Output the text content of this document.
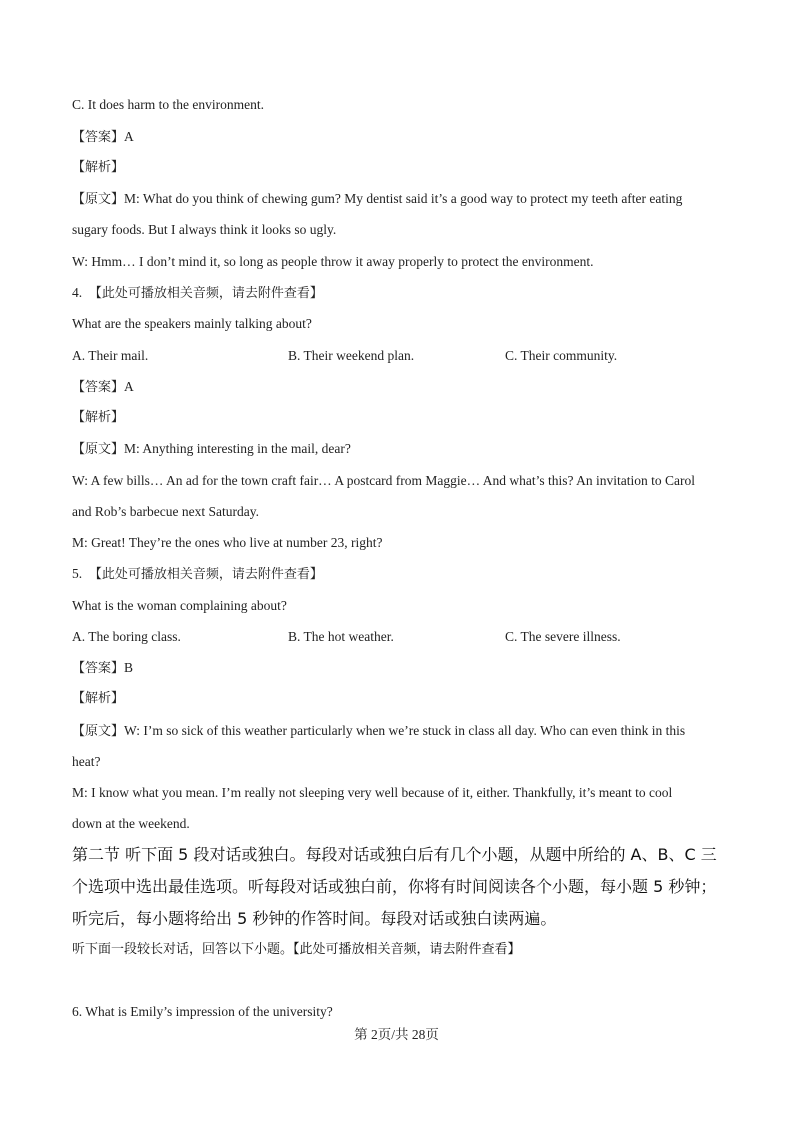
C. It does harm to the environment.
【答案】A
【解析】
【原文】M: What do you think of chewing gum? My dentist said it’s a good way to protect my teeth after eating
sugary foods. But I always think it looks so ugly.
W: Hmm… I don’t mind it, so long as people throw it away properly to protect the environment.
4. 【此处可播放相关音频，请去附件查看】
What are the speakers mainly talking about?
A. Their mail.	B. Their weekend plan.	C. Their community.
【答案】A
【解析】
【原文】M: Anything interesting in the mail, dear?
W: A few bills… An ad for the town craft fair… A postcard from Maggie… And what’s this? An invitation to Carol
and Rob’s barbecue next Saturday.
M: Great! They’re the ones who live at number 23, right?
5. 【此处可播放相关音频，请去附件查看】
What is the woman complaining about?
A. The boring class.	B. The hot weather.	C. The severe illness.
【答案】B
【解析】
【原文】W: I’m so sick of this weather particularly when we’re stuck in class all day. Who can even think in this
heat?
M: I know what you mean. I’m really not sleeping very well because of it, either. Thankfully, it’s meant to cool
down at the weekend.
第二节 听下面 5 段对话或独白。每段对话或独白后有几个小题，从题中所给的 A、B、C 三
个选项中选出最佳选项。听每段对话或独白前，你将有时间阅读各个小题，每小题 5 秒钟；
听完后，每小题将给出 5 秒钟的作答时间。每段对话或独白读两遍。
听下面一段较长对话，回答以下小题。【此处可播放相关音频，请去附件查看】
6. What is Emily’s impression of the university?
第 2页/共 28页
